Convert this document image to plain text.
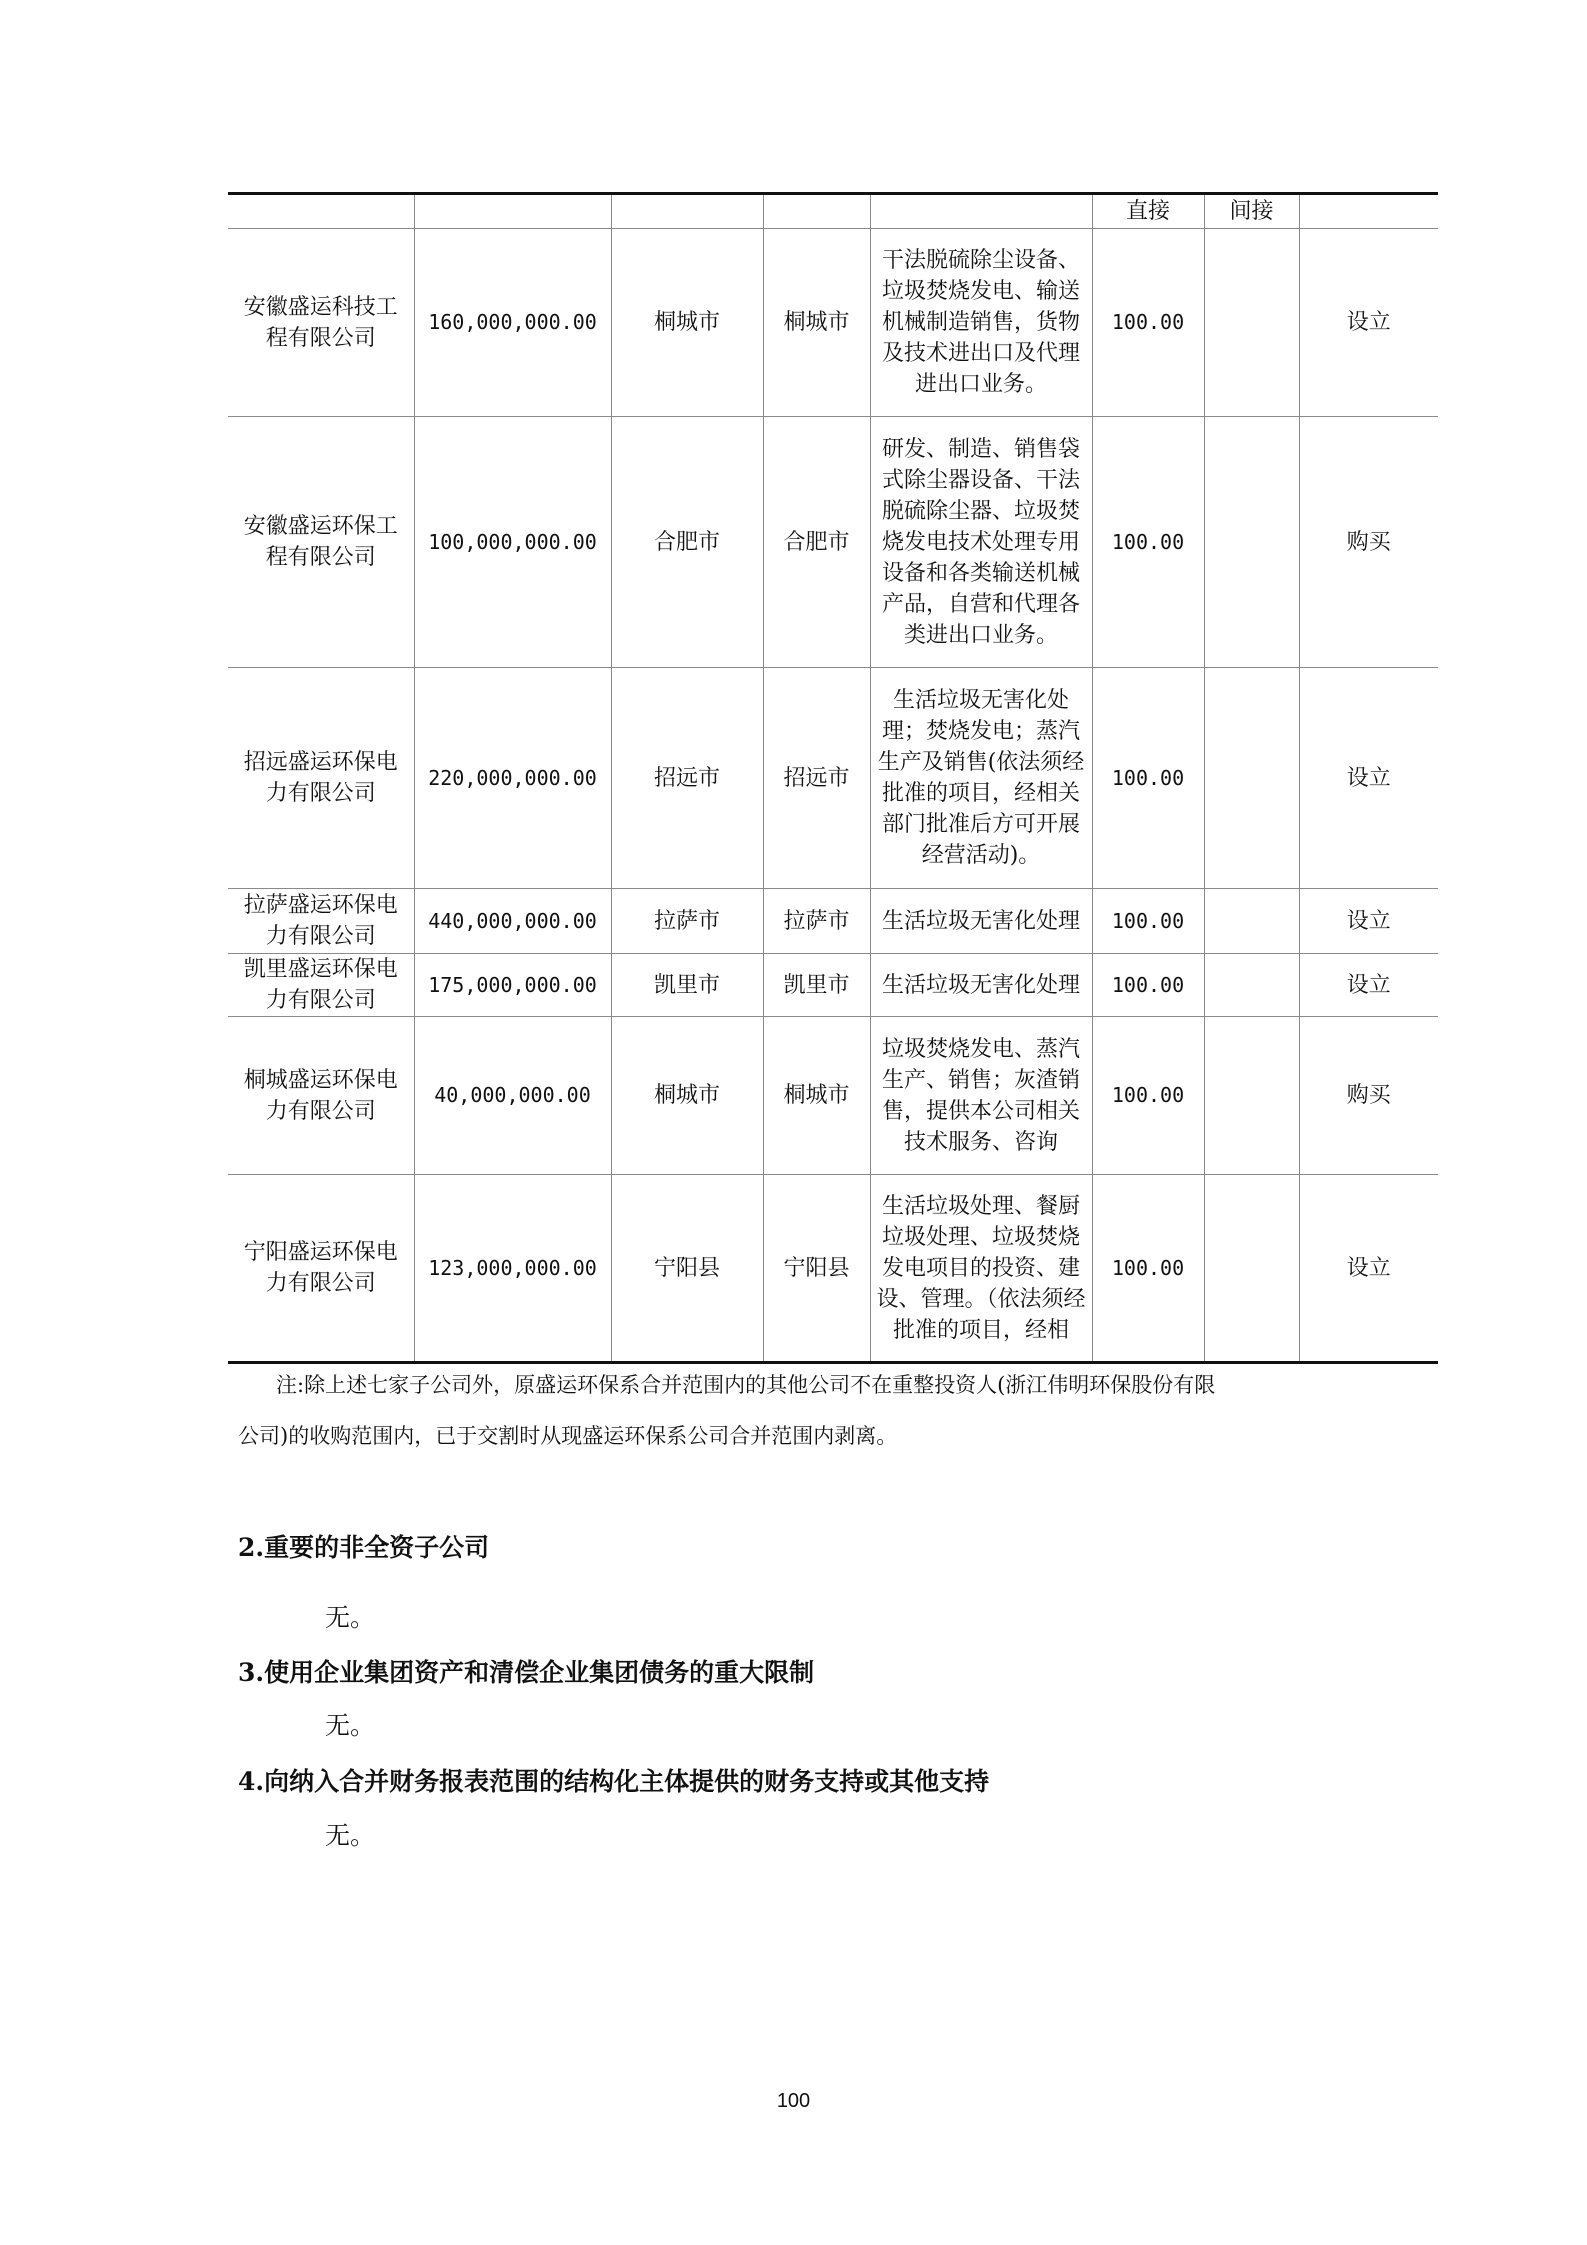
					直接	间接	
安徽盛运科技工程有限公司	160,000,000.00	桐城市	桐城市	干法脱硫除尘设备、垃圾焚烧发电、输送机械制造销售，货物及技术进出口及代理进出口业务。	100.00		设立
安徽盛运环保工程有限公司	100,000,000.00	合肥市	合肥市	研发、制造、销售袋式除尘器设备、干法脱硫除尘器、垃圾焚烧发电技术处理专用设备和各类输送机械产品，自营和代理各类进出口业务。	100.00		购买
招远盛运环保电力有限公司	220,000,000.00	招远市	招远市	生活垃圾无害化处理；焚烧发电；蒸汽生产及销售(依法须经批准的项目，经相关部门批准后方可开展经营活动)。	100.00		设立
拉萨盛运环保电力有限公司	440,000,000.00	拉萨市	拉萨市	生活垃圾无害化处理	100.00		设立
凯里盛运环保电力有限公司	175,000,000.00	凯里市	凯里市	生活垃圾无害化处理	100.00		设立
桐城盛运环保电力有限公司	40,000,000.00	桐城市	桐城市	垃圾焚烧发电、蒸汽生产、销售；灰渣销售，提供本公司相关技术服务、咨询	100.00		购买
宁阳盛运环保电力有限公司	123,000,000.00	宁阳县	宁阳县	生活垃圾处理、餐厨垃圾处理、垃圾焚烧发电项目的投资、建设、管理。（依法须经批准的项目，经相	100.00		设立
注:除上述七家子公司外，原盛运环保系合并范围内的其他公司不在重整投资人(浙江伟明环保股份有限
公司)的收购范围内，已于交割时从现盛运环保系公司合并范围内剥离。
2.重要的非全资子公司
无。
3.使用企业集团资产和清偿企业集团债务的重大限制
无。
4.向纳入合并财务报表范围的结构化主体提供的财务支持或其他支持
无。
100
